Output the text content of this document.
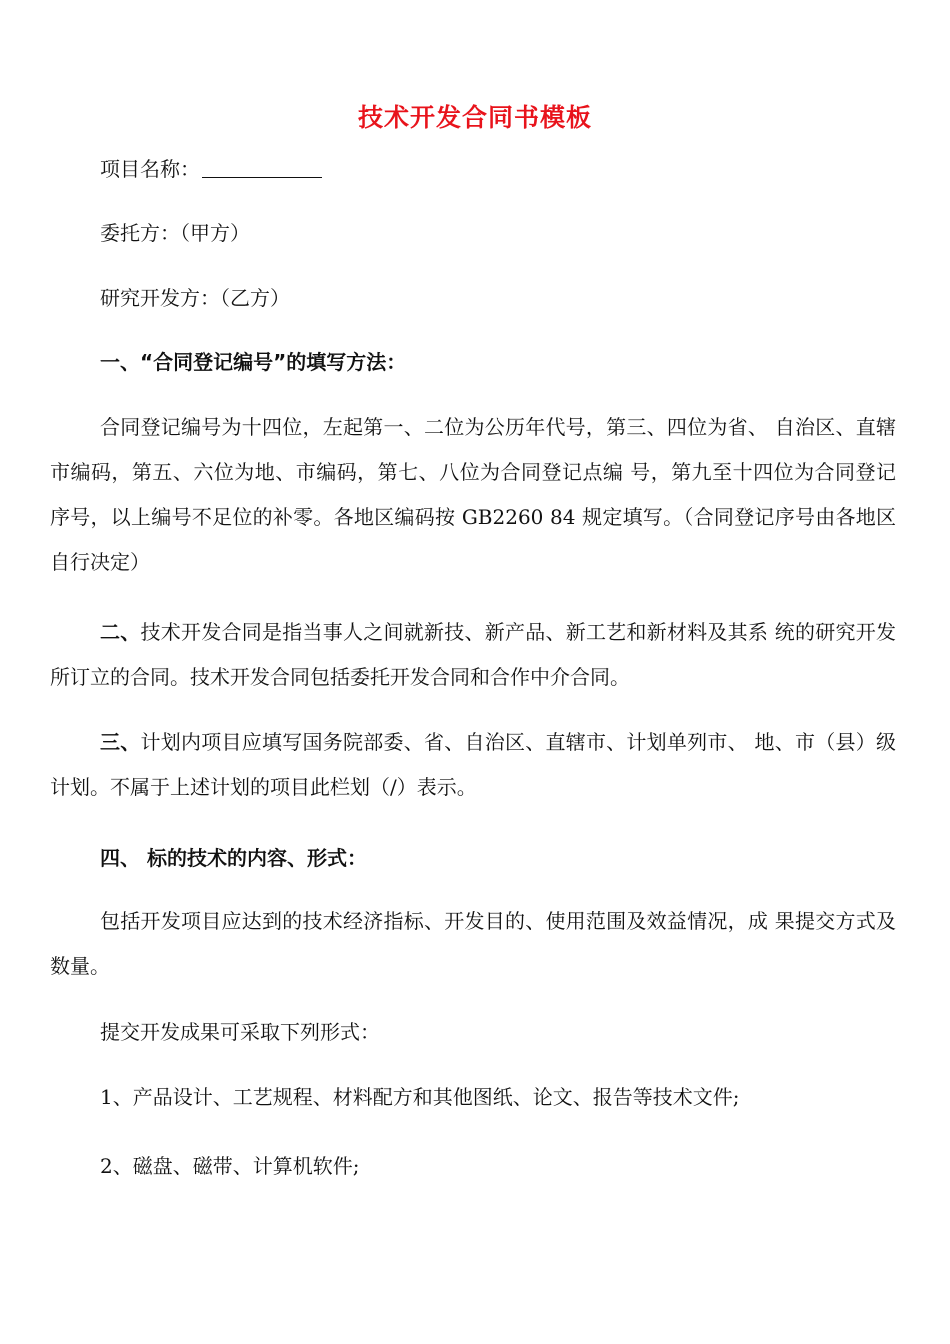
技术开发合同书模板
项目名称：
委托方：（甲方）
研究开发方：（乙方）
一、“合同登记编号”的填写方法：
合同登记编号为十四位，左起第一、二位为公历年代号，第三、四位为省、 自治区、直辖市编码，第五、六位为地、市编码，第七、八位为合同登记点编 号，第九至十四位为合同登记序号，以上编号不足位的补零。各地区编码按 GB2260 84 规定填写。（合同登记序号由各地区自行决定）
二、技术开发合同是指当事人之间就新技、新产品、新工艺和新材料及其系 统的研究开发所订立的合同。技术开发合同包括委托开发合同和合作中介合同。
三、计划内项目应填写国务院部委、省、自治区、直辖市、计划单列市、 地、市（县）级计划。不属于上述计划的项目此栏划（/）表示。
四、 标的技术的内容、形式：
包括开发项目应达到的技术经济指标、开发目的、使用范围及效益情况，成 果提交方式及数量。
提交开发成果可采取下列形式：
1、产品设计、工艺规程、材料配方和其他图纸、论文、报告等技术文件;
2、磁盘、磁带、计算机软件;
